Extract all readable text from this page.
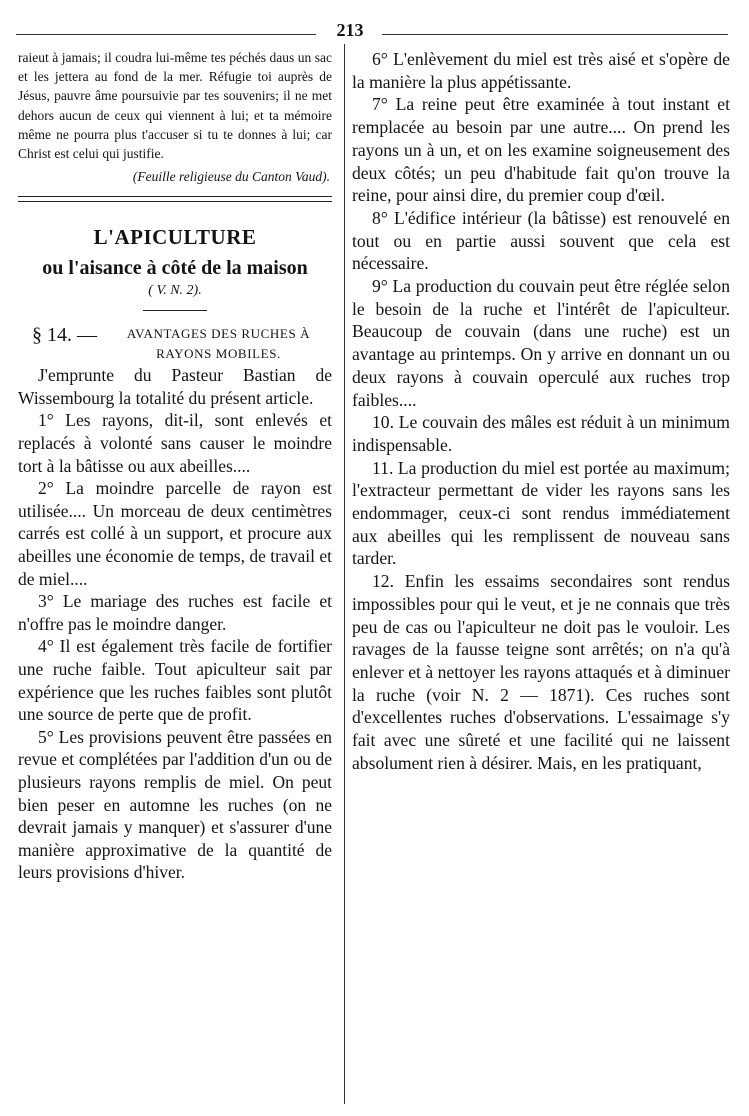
213

raieut à jamais; il coudra lui-même tes péchés daus un sac et les jettera au fond de la mer. Réfugie toi auprès de Jésus, pauvre âme poursuivie par tes souvenirs; il ne met dehors aucun de ceux qui viennent à lui; et ta mémoire même ne pourra plus t'accuser si tu te donnes à lui; car Christ est celui qui justifie.

(Feuille religieuse du Canton Vaud).

L'APICULTURE
ou l'aisance à côté de la maison
( V. N. 2).
§ 14. —	AVANTAGES DES RUCHES À RAYONS MOBILES.

J'emprunte du Pasteur Bastian de Wissembourg la totalité du présent article.

1° Les rayons, dit-il, sont enlevés et replacés à volonté sans causer le moindre tort à la bâtisse ou aux abeilles....

2° La moindre parcelle de rayon est utilisée.... Un morceau de deux centimètres carrés est collé à un support, et procure aux abeilles une économie de temps, de travail et de miel....

3° Le mariage des ruches est facile et n'offre pas le moindre danger.

4° Il est également très facile de fortifier une ruche faible. Tout apiculteur sait par expérience que les ruches faibles sont plutôt une source de perte que de profit.

5° Les provisions peuvent être passées en revue et complétées par l'addition d'un ou de plusieurs rayons remplis de miel. On peut bien peser en automne les ruches (on ne devrait jamais y manquer) et s'assurer d'une manière approximative de la quantité de leurs provisions d'hiver.

6° L'enlèvement du miel est très aisé et s'opère de la manière la plus appétissante.

7° La reine peut être examinée à tout instant et remplacée au besoin par une autre.... On prend les rayons un à un, et on les examine soigneusement des deux côtés; un peu d'habitude fait qu'on trouve la reine, pour ainsi dire, du premier coup d'œil.

8° L'édifice intérieur (la bâtisse) est renouvelé en tout ou en partie aussi souvent que cela est nécessaire.

9° La production du couvain peut être réglée selon le besoin de la ruche et l'intérêt de l'apiculteur. Beaucoup de couvain (dans une ruche) est un avantage au printemps. On y arrive en donnant un ou deux rayons à couvain operculé aux ruches trop faibles....

10. Le couvain des mâles est réduit à un minimum indispensable.

11. La production du miel est portée au maximum; l'extracteur permettant de vider les rayons sans les endommager, ceux-ci sont rendus immédiatement aux abeilles qui les remplissent de nouveau sans tarder.

12. Enfin les essaims secondaires sont rendus impossibles pour qui le veut, et je ne connais que très peu de cas ou l'apiculteur ne doit pas le vouloir. Les ravages de la fausse teigne sont arrêtés; on n'a qu'à enlever et à nettoyer les rayons attaqués et à diminuer la ruche (voir N. 2 — 1871). Ces ruches sont d'excellentes ruches d'observations. L'essaimage s'y fait avec une sûreté et une facilité qui ne laissent absolument rien à désirer. Mais, en les pratiquant,
